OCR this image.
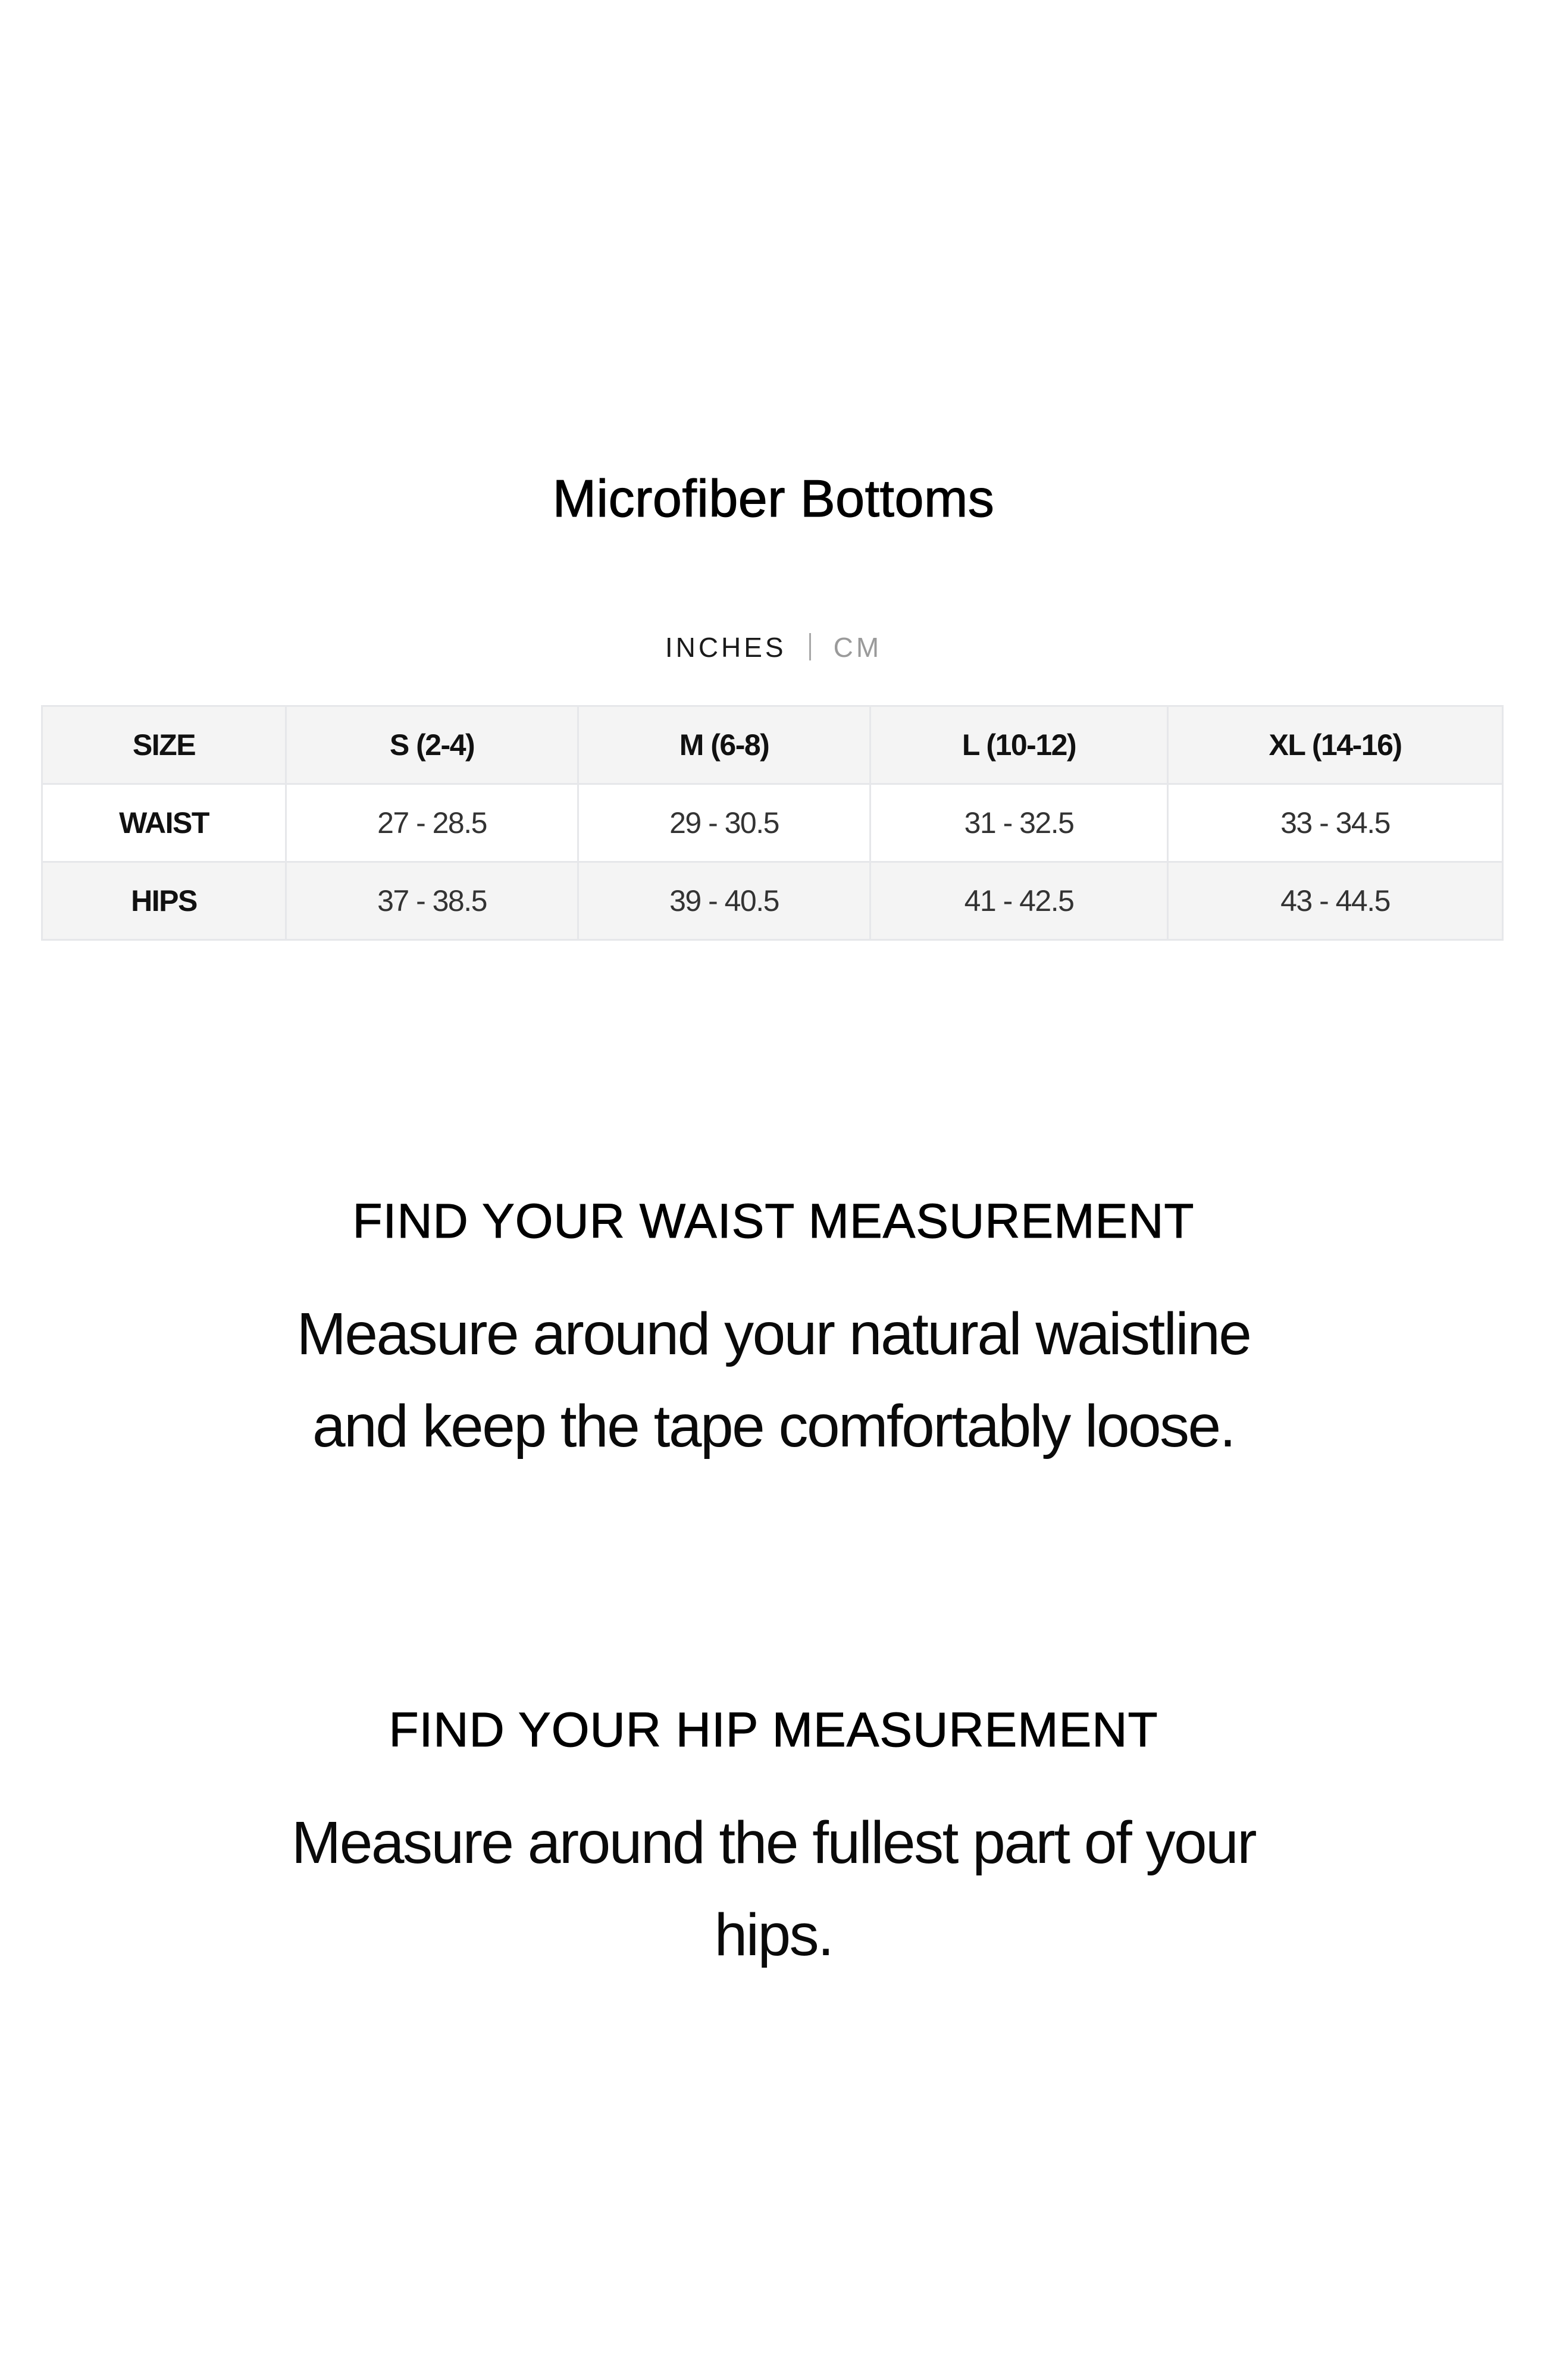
Microfiber Bottoms
INCHES CM
SIZE	S (2-4)	M (6-8)	L (10-12)	XL (14-16)
WAIST	27 - 28.5	29 - 30.5	31 - 32.5	33 - 34.5
HIPS	37 - 38.5	39 - 40.5	41 - 42.5	43 - 44.5
FIND YOUR WAIST MEASUREMENT
Measure around your natural waistline
and keep the tape comfortably loose.
FIND YOUR HIP MEASUREMENT
Measure around the fullest part of your
hips.
